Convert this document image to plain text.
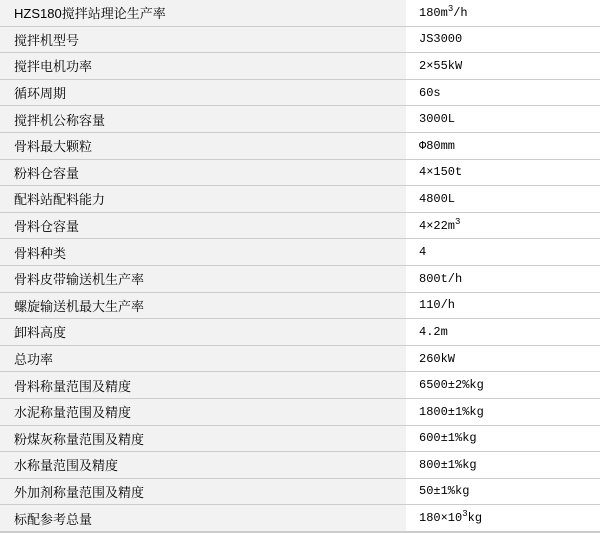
HZS180搅拌站理论生产率	$180m^3/h$
搅拌机型号	JS3000
搅拌电机功率	2×55kW
循环周期	60s
搅拌机公称容量	3000L
骨料最大颗粒	Φ80mm
粉料仓容量	4×150t
配料站配料能力	4800L
骨料仓容量	$4\times 22m^3$
骨料种类	4
骨料皮带输送机生产率	800t/h
螺旋输送机最大生产率	110/h
卸料高度	4.2m
总功率	260kW
骨料称量范围及精度	6500±2%kg
水泥称量范围及精度	1800±1%kg
粉煤灰称量范围及精度	600±1%kg
水称量范围及精度	800±1%kg
外加剂称量范围及精度	50±1%kg
标配参考总量	$180\times 10^3kg$
